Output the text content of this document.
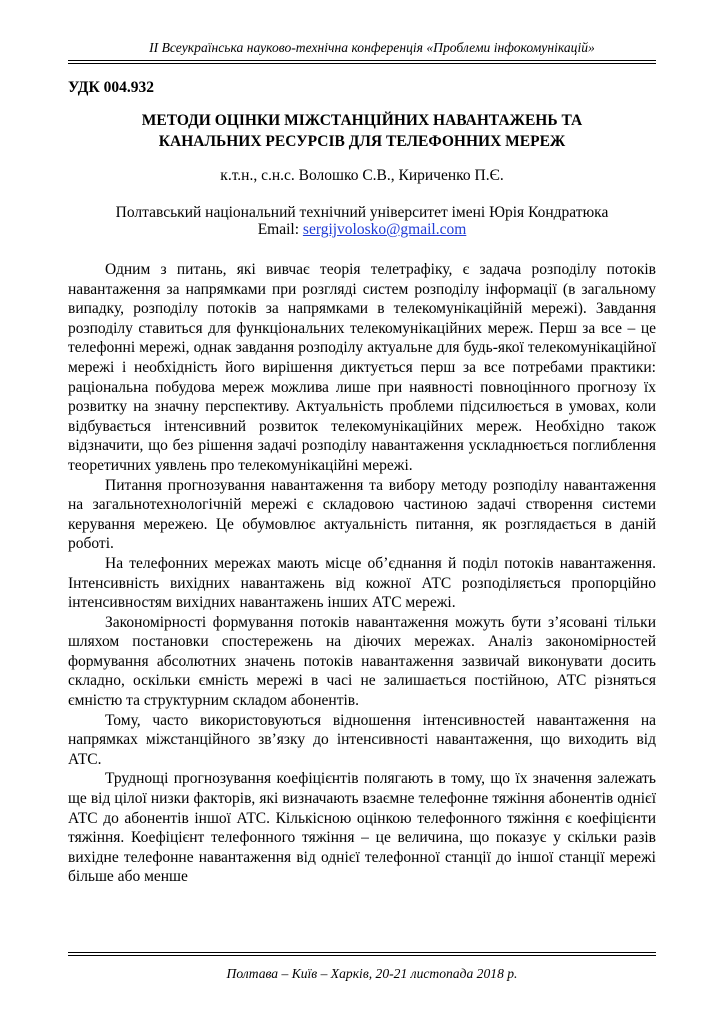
II Всеукраїнська науково-технічна конференція «Проблеми інфокомунікацій»
УДК 004.932
МЕТОДИ ОЦІНКИ МІЖСТАНЦІЙНИХ НАВАНТАЖЕНЬ ТА
КАНАЛЬНИХ РЕСУРСІВ ДЛЯ ТЕЛЕФОННИХ МЕРЕЖ
к.т.н., с.н.с. Волошко С.В., Кириченко П.Є.
Полтавський національний технічний університет імені Юрія Кондратюка
Email: sergijvolosko@gmail.com

Одним з питань, які вивчає теорія телетрафіку, є задача розподілу потоків навантаження за напрямками при розгляді систем розподілу інформації (в загальному випадку, розподілу потоків за напрямками в телекомунікаційній мережі). Завдання розподілу ставиться для функціональних телекомунікаційних мереж. Перш за все – це телефонні мережі, однак завдання розподілу актуальне для будь-якої телекомунікаційної мережі і необхідність його вирішення диктується перш за все потребами практики: раціональна побудова мереж можлива лише при наявності повноцінного прогнозу їх розвитку на значну перспективу. Актуальність проблеми підсилюється в умовах, коли відбувається інтенсивний розвиток телекомунікаційних мереж. Необхідно також відзначити, що без рішення задачі розподілу навантаження ускладнюється поглиблення теоретичних уявлень про телекомунікаційні мережі.

Питання прогнозування навантаження та вибору методу розподілу навантаження на загальнотехнологічній мережі є складовою частиною задачі створення системи керування мережею. Це обумовлює актуальність питання, як розглядається в даній роботі.

На телефонних мережах мають місце об’єднання й поділ потоків навантаження. Інтенсивність вихідних навантажень від кожної АТС розподіляється пропорційно інтенсивностям вихідних навантажень інших АТС мережі.

Закономірності формування потоків навантаження можуть бути з’ясовані тільки шляхом постановки спостережень на діючих мережах. Аналіз закономірностей формування абсолютних значень потоків навантаження зазвичай виконувати досить складно, оскільки ємність мережі в часі не залишається постійною, АТС різняться ємністю та структурним складом абонентів.

Тому, часто використовуються відношення інтенсивностей навантаження на напрямках міжстанційного зв’язку до інтенсивності навантаження, що виходить від АТС.

Труднощі прогнозування коефіцієнтів полягають в тому, що їх значення залежать ще від цілої низки факторів, які визначають взаємне телефонне тяжіння абонентів однієї АТС до абонентів іншої АТС. Кількісною оцінкою телефонного тяжіння є коефіцієнти тяжіння. Коефіцієнт телефонного тяжіння – це величина, що показує у скільки разів вихідне телефонне навантаження від однієї телефонної станції до іншої станції мережі більше або менше

Полтава – Київ – Харків, 20-21 листопада 2018 р.
